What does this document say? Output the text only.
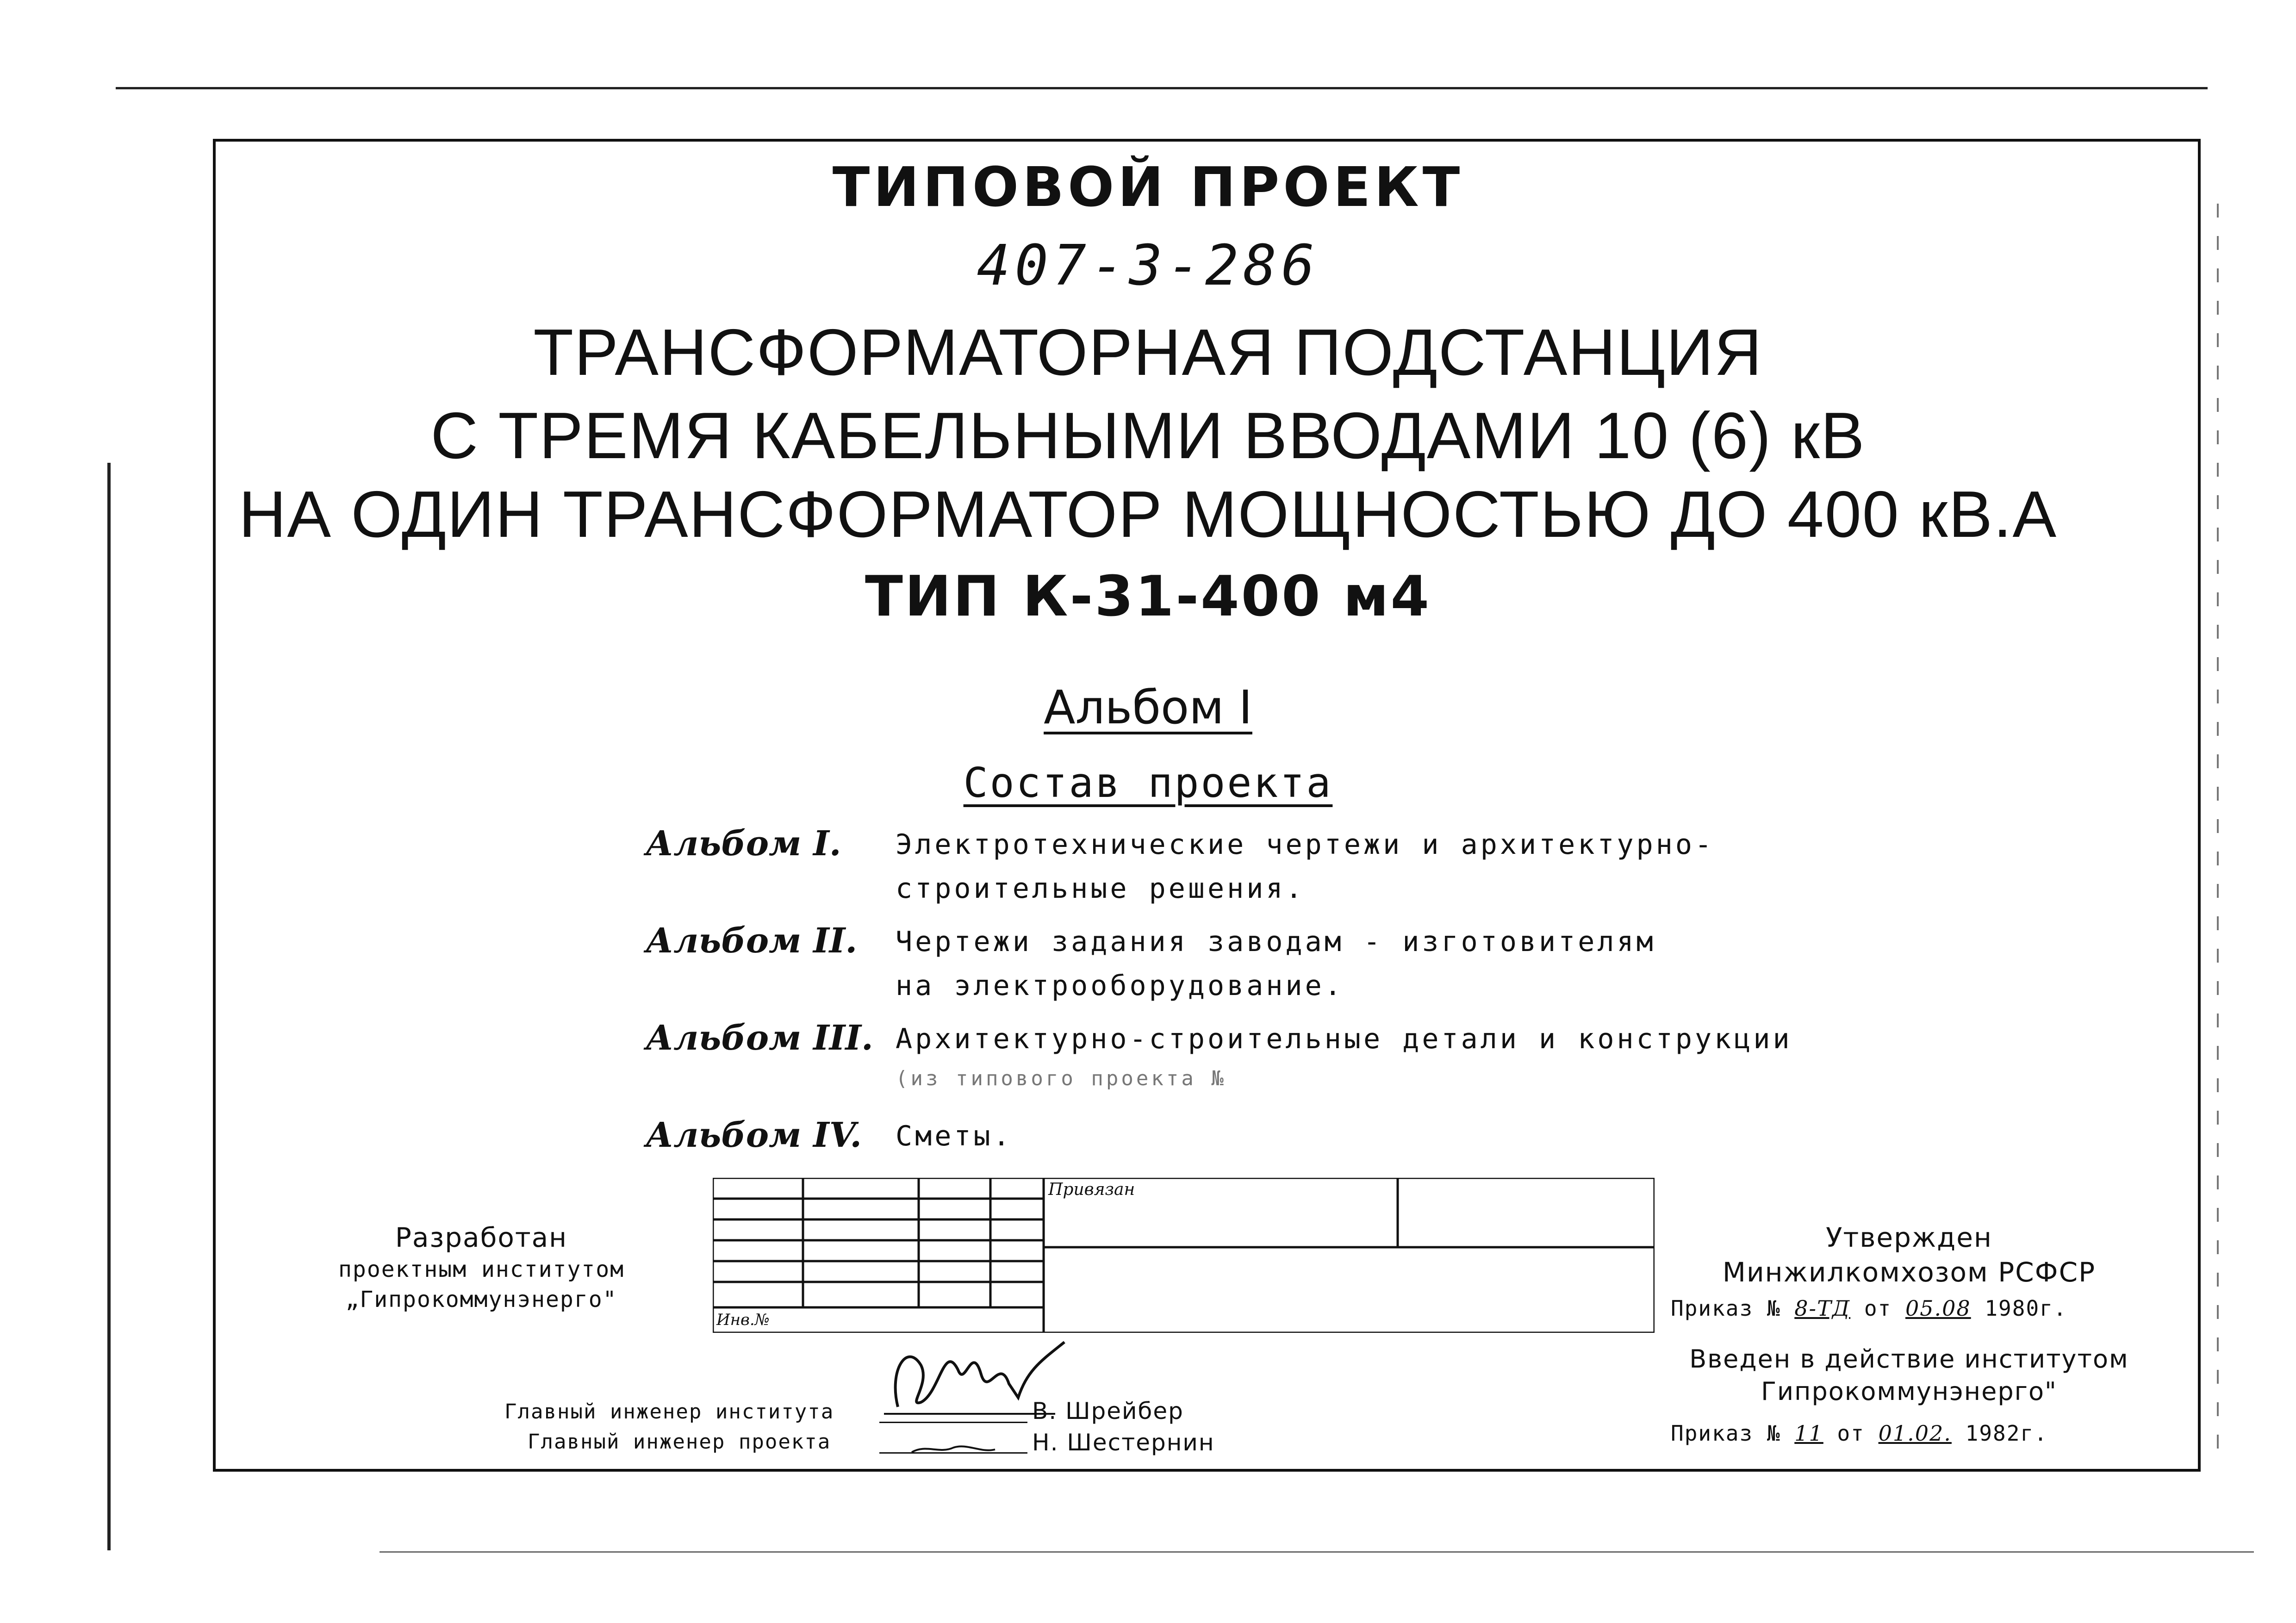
ТИПОВОЙ ПРОЕКТ
407-3-286
ТРАНСФОРМАТОРНАЯ ПОДСТАНЦИЯ
С ТРЕМЯ КАБЕЛЬНЫМИ ВВОДАМИ 10 (6) кВ
НА ОДИН ТРАНСФОРМАТОР МОЩНОСТЬЮ ДО 400 кВ.А
ТИП К-31-400 м4
Альбом I
Состав проекта
Альбом I.	Электротехнические чертежи и архитектурно-
строительные решения.
Альбом II.	Чертежи задания заводам - изготовителям
на электрооборудование.
Альбом III. Архитектурно-строительные детали и конструкции
(из типового проекта №
Альбом IV. Сметы.
Разработан
проектным институтом
„Гипрокоммунэнерго"
Привязан
Инв.№
Главный инженер института	В. Шрейбер
Главный инженер проекта	Н. Шестернин
Утвержден
Минжилкомхозом РСФСР
Приказ № 8-ТД от 05.08 1980г.
Введен в действие институтом
Гипрокоммунэнерго"
Приказ № 11 от 01.02. 1982г.
